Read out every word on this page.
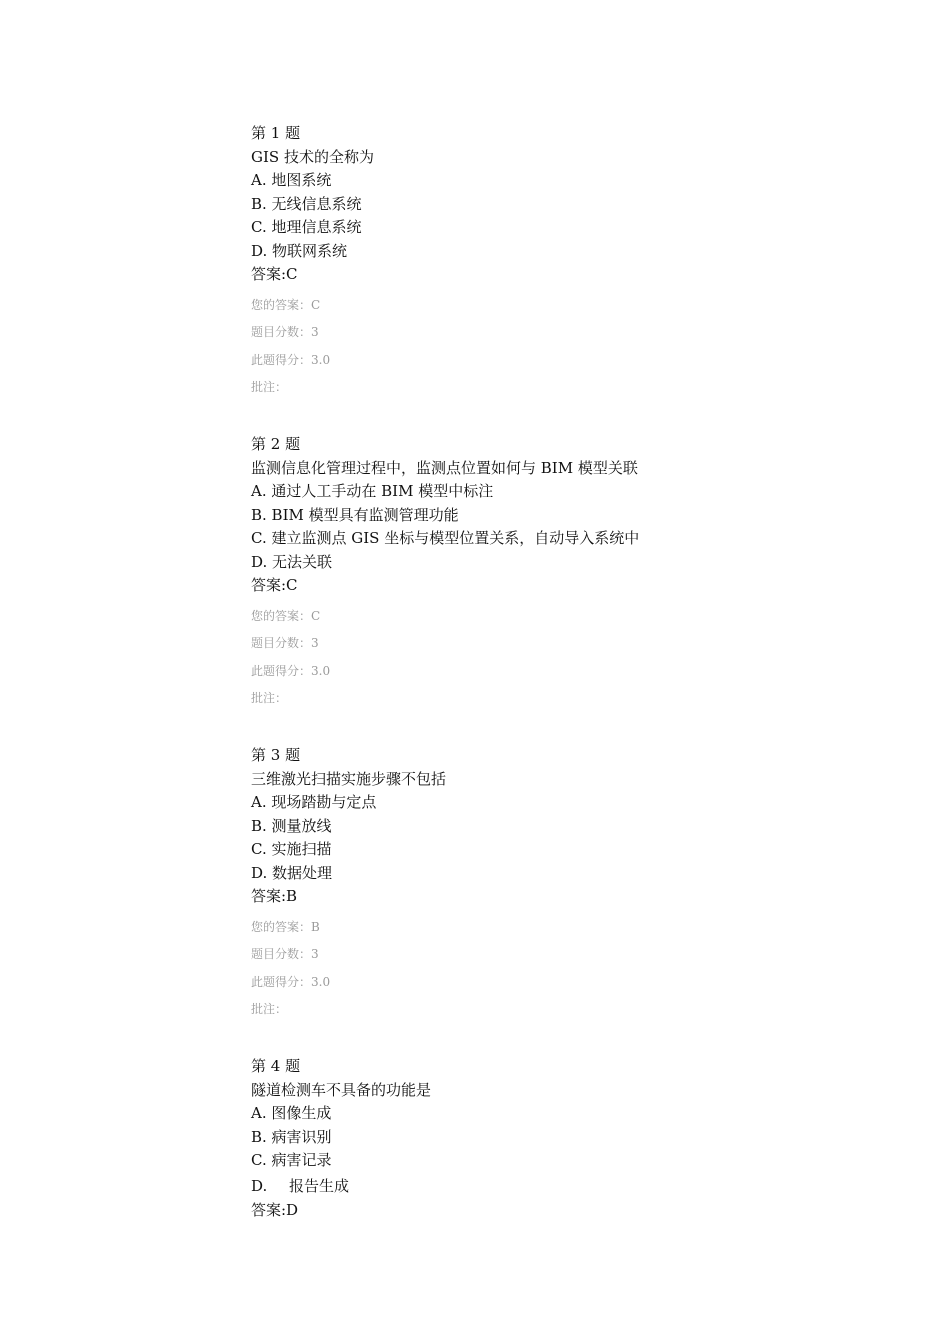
第 1 题
GIS 技术的全称为
A. 地图系统
B. 无线信息系统
C. 地理信息系统
D. 物联网系统
答案:C
您的答案：C
题目分数：3
此题得分：3.0
批注：
第 2 题
监测信息化管理过程中，监测点位置如何与 BIM 模型关联
A. 通过人工手动在 BIM 模型中标注
B. BIM 模型具有监测管理功能
C. 建立监测点 GIS 坐标与模型位置关系，自动导入系统中
D. 无法关联
答案:C
您的答案：C
题目分数：3
此题得分：3.0
批注：
第 3 题
三维激光扫描实施步骤不包括
A. 现场踏勘与定点
B. 测量放线
C. 实施扫描
D. 数据处理
答案:B
您的答案：B
题目分数：3
此题得分：3.0
批注：
第 4 题
隧道检测车不具备的功能是
A. 图像生成
B. 病害识别
C. 病害记录
D. 报告生成
答案:D
